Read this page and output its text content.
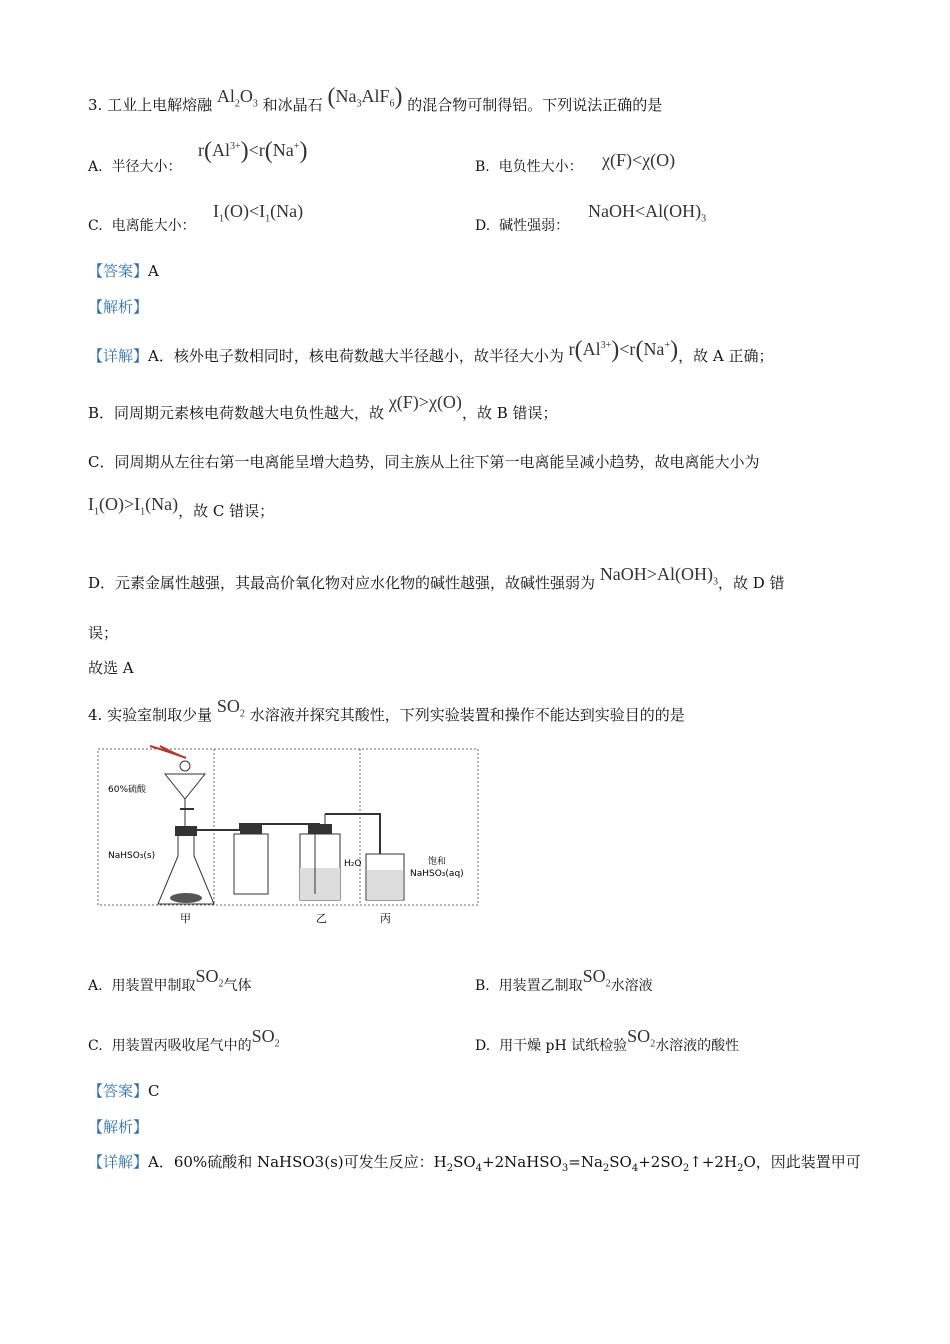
3. 工业上电解熔融 $Al_2O_3$ 和冰晶石 $(Na_3AlF_6)$ 的混合物可制得铝。下列说法正确的是
A. 半径大小：
$r(Al^{3+})<r(Na^+)$
B. 电负性大小： χ(F)<χ(O)
C. 电离能大小：
$I_1(O)<I_1(Na)$
D. 碱性强弱：
$NaOH<Al(OH)_3$
【答案】A
【解析】
【详解】A．核外电子数相同时，核电荷数越大半径越小，故半径大小为 $r(Al^{3+})<r(Na^+)$，故 A 正确；
B．同周期元素核电荷数越大电负性越大，故 χ(F)>χ(O)，故 B 错误；
C．同周期从左往右第一电离能呈增大趋势，同主族从上往下第一电离能呈减小趋势，故电离能大小为
$I_1(O)>I_1(Na)$，故 C 错误；
D．元素金属性越强，其最高价氧化物对应水化物的碱性越强，故碱性强弱为 $NaOH>Al(OH)_3$，故 D 错
误；
故选 A
4. 实验室制取少量 $SO_2$ 水溶液并探究其酸性，下列实验装置和操作不能达到实验目的的是
60%硫酸
NaHSO₃(s)
H₂O	饱和
NaHSO₃(aq)
甲	乙	丙
A. 用装置甲制取$SO_2$气体	B. 用装置乙制取$SO_2$水溶液
C. 用装置丙吸收尾气中的$SO_2$	D. 用干燥 pH 试纸检验$SO_2$水溶液的酸性
【答案】C
【解析】
【详解】A．60%硫酸和 NaHSO3(s)可发生反应：$H_2SO_4+2NaHSO_3=Na_2SO_4+2SO_2↑+2H_2O$，因此装置甲可
